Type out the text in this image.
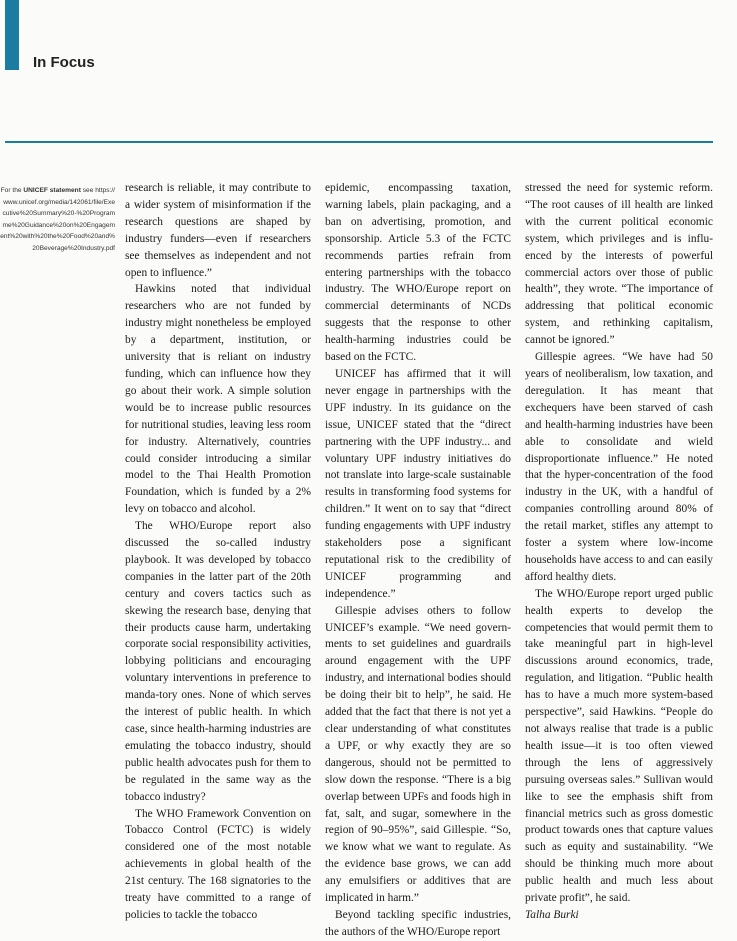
In Focus
For the UNICEF statement see https://www.unicef.org/media/142061/file/Executive%20Summary%20-%20Programme%20Guidance%20on%20Engagement%20with%20the%20Food%20and%20Beverage%20Industry.pdf

research is reliable, it may contribute to a wider system of misinformation if the research questions are shaped by industry funders—even if researchers see themselves as independent and not open to influence.”

Hawkins noted that individual researchers who are not funded by industry might nonetheless be employed by a department, institution, or university that is reliant on industry funding, which can influence how they go about their work. A simple solution would be to increase public resources for nutritional studies, leaving less room for industry. Alternatively, countries could consider introducing a similar model to the Thai Health Promotion Foundation, which is funded by a 2% levy on tobacco and alcohol.

The WHO/Europe report also discussed the so-called industry playbook. It was developed by tobacco companies in the latter part of the 20th century and covers tactics such as skewing the research base, denying that their products cause harm, undertaking corporate social responsibility activities, lobbying politicians and encouraging voluntary interventions in preference to manda-tory ones. None of which serves the interest of public health. In which case, since health-harming industries are emulating the tobacco industry, should public health advocates push for them to be regulated in the same way as the tobacco industry?

The WHO Framework Convention on Tobacco Control (FCTC) is widely considered one of the most notable achievements in global health of the 21st century. The 168 signatories to the treaty have committed to a range of policies to tackle the tobacco

epidemic, encompassing taxation, warning labels, plain packaging, and a ban on advertising, promotion, and sponsorship. Article 5.3 of the FCTC recommends parties refrain from entering partnerships with the tobacco industry. The WHO/Europe report on commercial determinants of NCDs suggests that the response to other health-harming industries could be based on the FCTC.

UNICEF has affirmed that it will never engage in partnerships with the UPF industry. In its guidance on the issue, UNICEF stated that the “direct partnering with the UPF industry... and voluntary UPF industry initiatives do not translate into large-scale sustainable results in transforming food systems for children.” It went on to say that “direct funding engagements with UPF industry stakeholders pose a significant reputational risk to the credibility of UNICEF programming and independence.”

Gillespie advises others to follow UNICEF’s example. “We need govern-ments to set guidelines and guardrails around engagement with the UPF industry, and international bodies should be doing their bit to help”, he said. He added that the fact that there is not yet a clear understanding of what constitutes a UPF, or why exactly they are so dangerous, should not be permitted to slow down the response. “There is a big overlap between UPFs and foods high in fat, salt, and sugar, somewhere in the region of 90–95%”, said Gillespie. “So, we know what we want to regulate. As the evidence base grows, we can add any emulsifiers or additives that are implicated in harm.”

Beyond tackling specific industries, the authors of the WHO/Europe report

stressed the need for systemic reform. “The root causes of ill health are linked with the current political economic system, which privileges and is influ-enced by the interests of powerful commercial actors over those of public health”, they wrote. “The importance of addressing that political economic system, and rethinking capitalism, cannot be ignored.”

Gillespie agrees. “We have had 50 years of neoliberalism, low taxation, and deregulation. It has meant that exchequers have been starved of cash and health-harming industries have been able to consolidate and wield disproportionate influence.” He noted that the hyper-concentration of the food industry in the UK, with a handful of companies controlling around 80% of the retail market, stifles any attempt to foster a system where low-income households have access to and can easily afford healthy diets.

The WHO/Europe report urged public health experts to develop the competencies that would permit them to take meaningful part in high-level discussions around economics, trade, regulation, and litigation. “Public health has to have a much more system-based perspective”, said Hawkins. “People do not always realise that trade is a public health issue—it is too often viewed through the lens of aggressively pursuing overseas sales.” Sullivan would like to see the emphasis shift from financial metrics such as gross domestic product towards ones that capture values such as equity and sustainability. “We should be thinking much more about public health and much less about private profit”, he said.

Talha Burki
